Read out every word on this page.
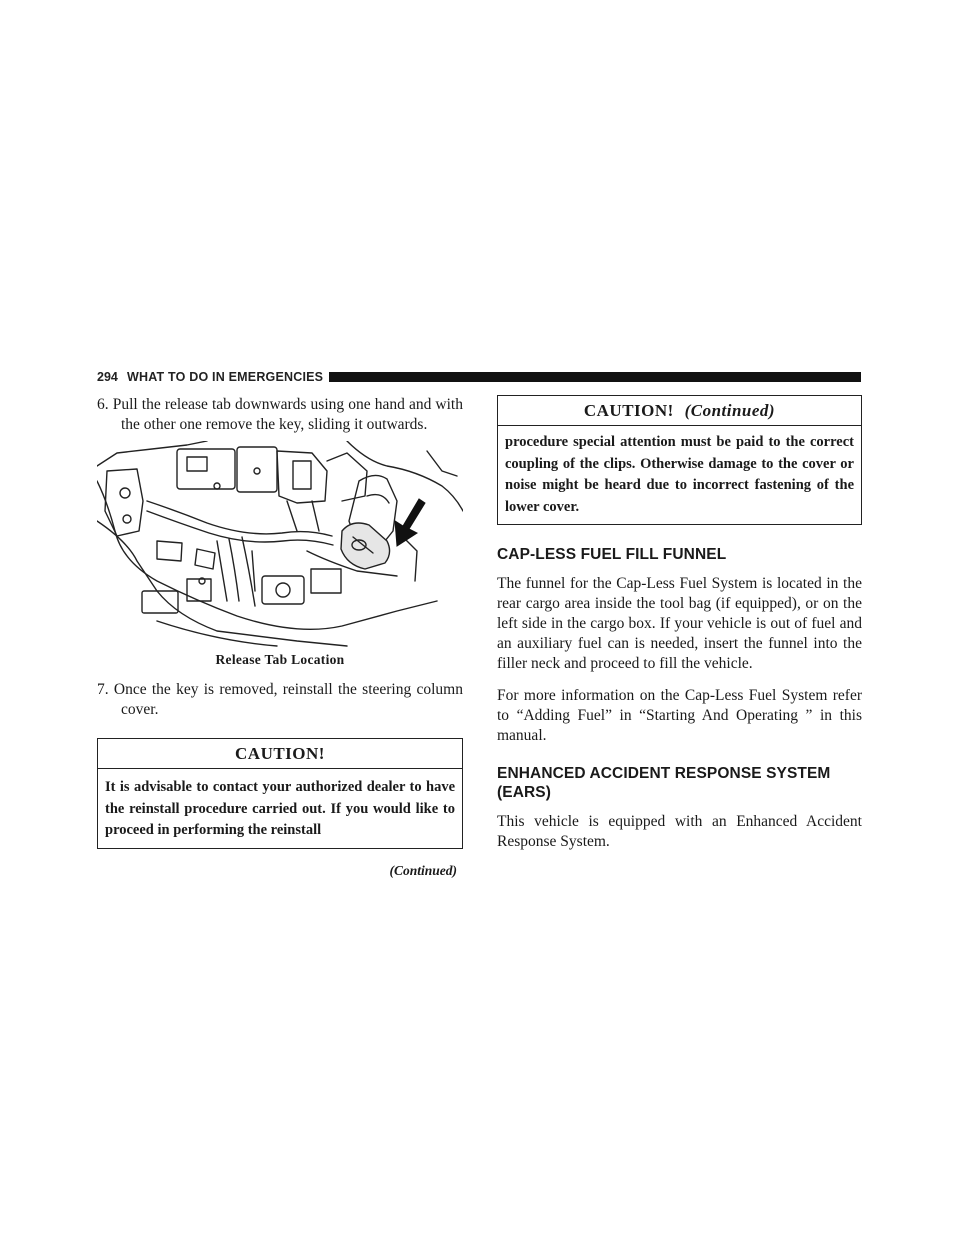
294 WHAT TO DO IN EMERGENCIES

6. Pull the release tab downwards using one hand and with the other one remove the key, sliding it outwards.

Release Tab Location

7. Once the key is removed, reinstall the steering column cover.

CAUTION!
It is advisable to contact your authorized dealer to have the reinstall procedure carried out. If you would like to proceed in performing the reinstall
(Continued)
CAUTION! (Continued)
procedure special attention must be paid to the correct coupling of the clips. Otherwise damage to the cover or noise might be heard due to incorrect fastening of the lower cover.
CAP-LESS FUEL FILL FUNNEL

The funnel for the Cap-Less Fuel System is located in the rear cargo area inside the tool bag (if equipped), or on the left side in the cargo box. If your vehicle is out of fuel and an auxiliary fuel can is needed, insert the funnel into the filler neck and proceed to fill the vehicle.

For more information on the Cap-Less Fuel System refer to “Adding Fuel” in “Starting And Operating ” in this manual.

ENHANCED ACCIDENT RESPONSE SYSTEM (EARS)

This vehicle is equipped with an Enhanced Accident Response System.
